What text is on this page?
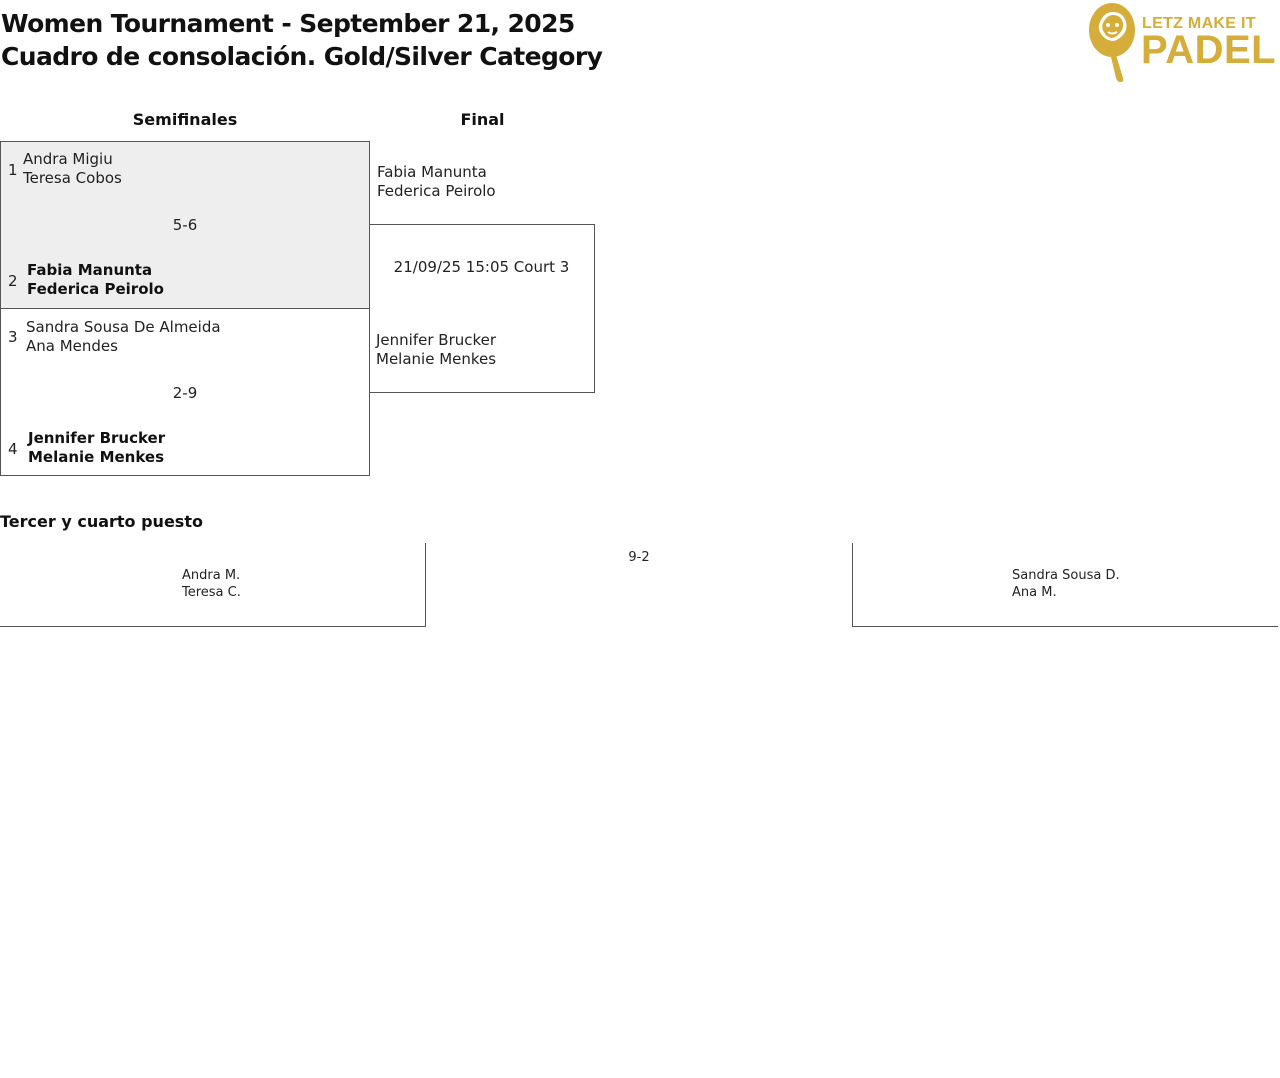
Women Tournament - September 21, 2025
Cuadro de consolación. Gold/Silver Category
LETZ MAKE IT
PADEL
Semifinales	Final
1
Andra Migiu
Teresa Cobos
5-6
2
Fabia Manunta
Federica Peirolo
3
Sandra Sousa De Almeida
Ana Mendes
2-9
4
Jennifer Brucker
Melanie Menkes
Fabia Manunta
Federica Peirolo
21/09/25 15:05 Court 3
Jennifer Brucker
Melanie Menkes
Tercer y cuarto puesto
Andra M.
Teresa C.
9-2
Sandra Sousa D.
Ana M.
